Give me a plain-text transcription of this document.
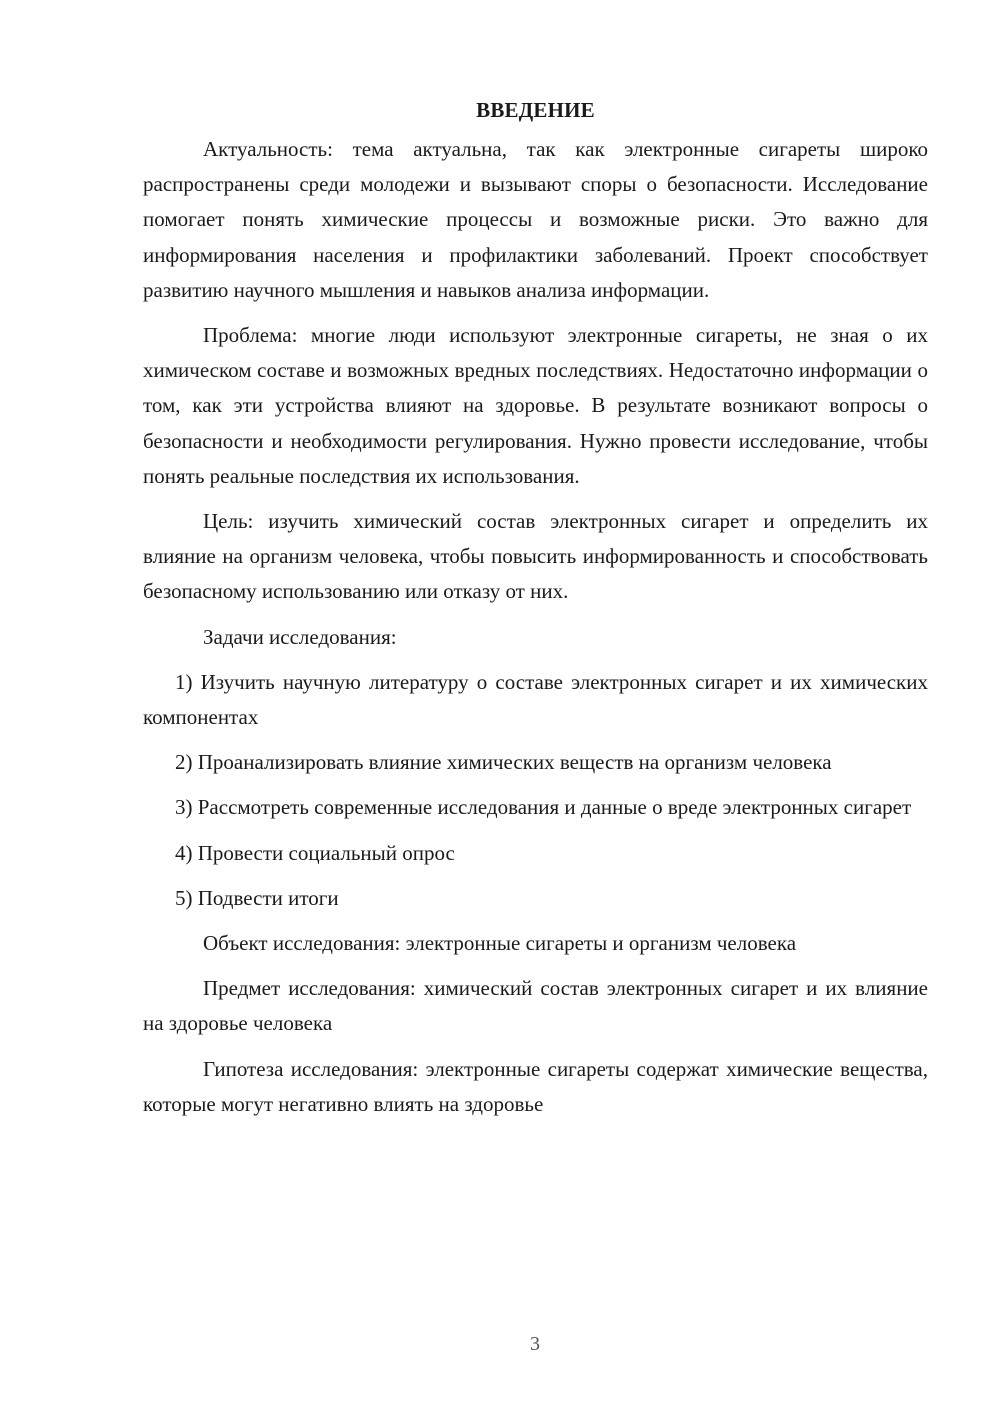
ВВЕДЕНИЕ

Актуальность: тема актуальна, так как электронные сигареты широко распространены среди молодежи и вызывают споры о безопасности. Исследование помогает понять химические процессы и возможные риски. Это важно для информирования населения и профилактики заболеваний. Проект способствует развитию научного мышления и навыков анализа информации.

Проблема: многие люди используют электронные сигареты, не зная о их химическом составе и возможных вредных последствиях. Недостаточно информации о том, как эти устройства влияют на здоровье. В результате возникают вопросы о безопасности и необходимости регулирования. Нужно провести исследование, чтобы понять реальные последствия их использования.

Цель: изучить химический состав электронных сигарет и определить их влияние на организм человека, чтобы повысить информированность и способствовать безопасному использованию или отказу от них.

Задачи исследования:

1) Изучить научную литературу о составе электронных сигарет и их химических компонентах

2) Проанализировать влияние химических веществ на организм человека

3) Рассмотреть современные исследования и данные о вреде электронных сигарет

4) Провести социальный опрос

5) Подвести итоги

Объект исследования: электронные сигареты и организм человека

Предмет исследования: химический состав электронных сигарет и их влияние на здоровье человека

Гипотеза исследования: электронные сигареты содержат химические вещества, которые могут негативно влиять на здоровье

3
